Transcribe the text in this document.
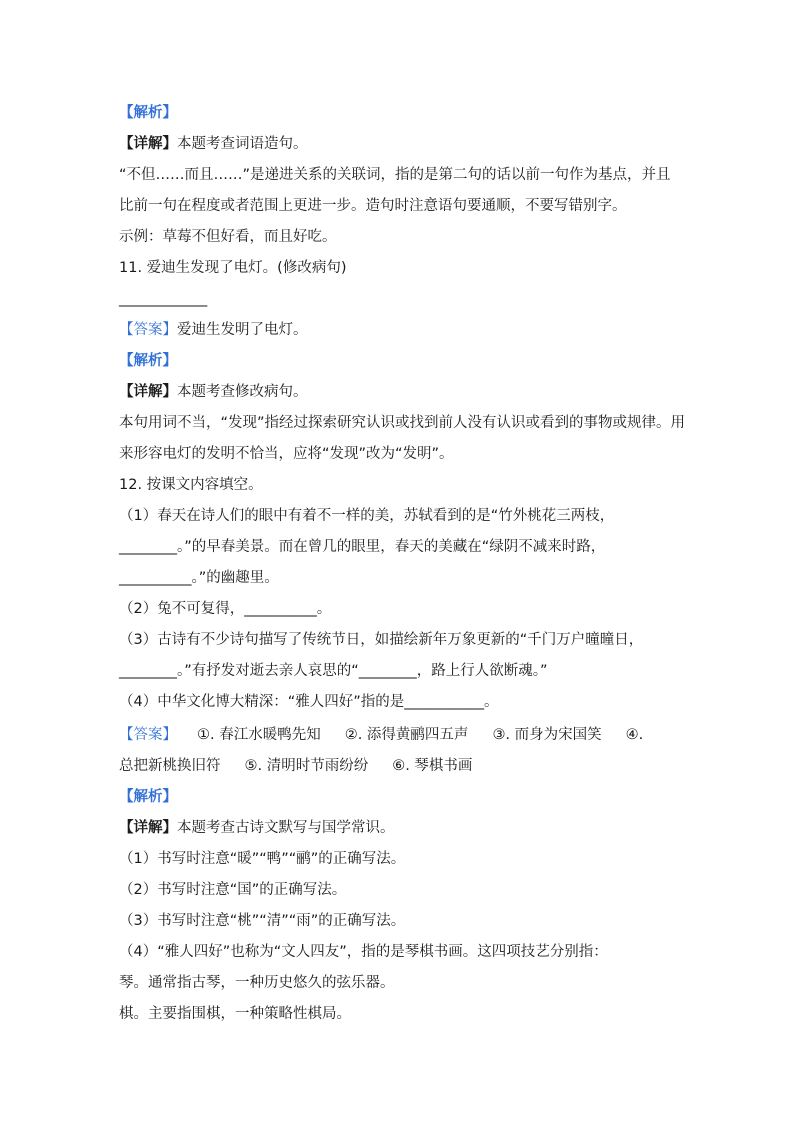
【解析】
【详解】本题考查词语造句。
“不但……而且……”是递进关系的关联词，指的是第二句的话以前一句作为基点，并且
比前一句在程度或者范围上更进一步。造句时注意语句要通顺，不要写错别字。
示例：草莓不但好看，而且好吃。
11. 爱迪生发现了电灯。(修改病句)
_____________
【答案】爱迪生发明了电灯。
【解析】
【详解】本题考查修改病句。
本句用词不当，“发现”指经过探索研究认识或找到前人没有认识或看到的事物或规律。用
来形容电灯的发明不恰当，应将“发现”改为“发明”。
12. 按课文内容填空。
（1）春天在诗人们的眼中有着不一样的美，苏轼看到的是“竹外桃花三两枝，
________。”的早春美景。而在曾几的眼里，春天的美藏在“绿阴不减来时路，
__________。”的幽趣里。
（2）兔不可复得，__________。
（3）古诗有不少诗句描写了传统节日，如描绘新年万象更新的“千门万户曈曈日，
________。”有抒发对逝去亲人哀思的“________，路上行人欲断魂。”
（4）中华文化博大精深：“雅人四好”指的是___________。
【答案】 ①. 春江水暖鸭先知 ②. 添得黄鹂四五声 ③. 而身为宋国笑 ④.
总把新桃换旧符 ⑤. 清明时节雨纷纷 ⑥. 琴棋书画
【解析】
【详解】本题考查古诗文默写与国学常识。
（1）书写时注意“暖”“鸭”“鹂”的正确写法。
（2）书写时注意“国”的正确写法。
（3）书写时注意“桃”“清”“雨”的正确写法。
（4）“雅人四好”也称为“文人四友”，指的是琴棋书画。这四项技艺分别指：
琴。通常指古琴，一种历史悠久的弦乐器。
棋。主要指围棋，一种策略性棋局。
